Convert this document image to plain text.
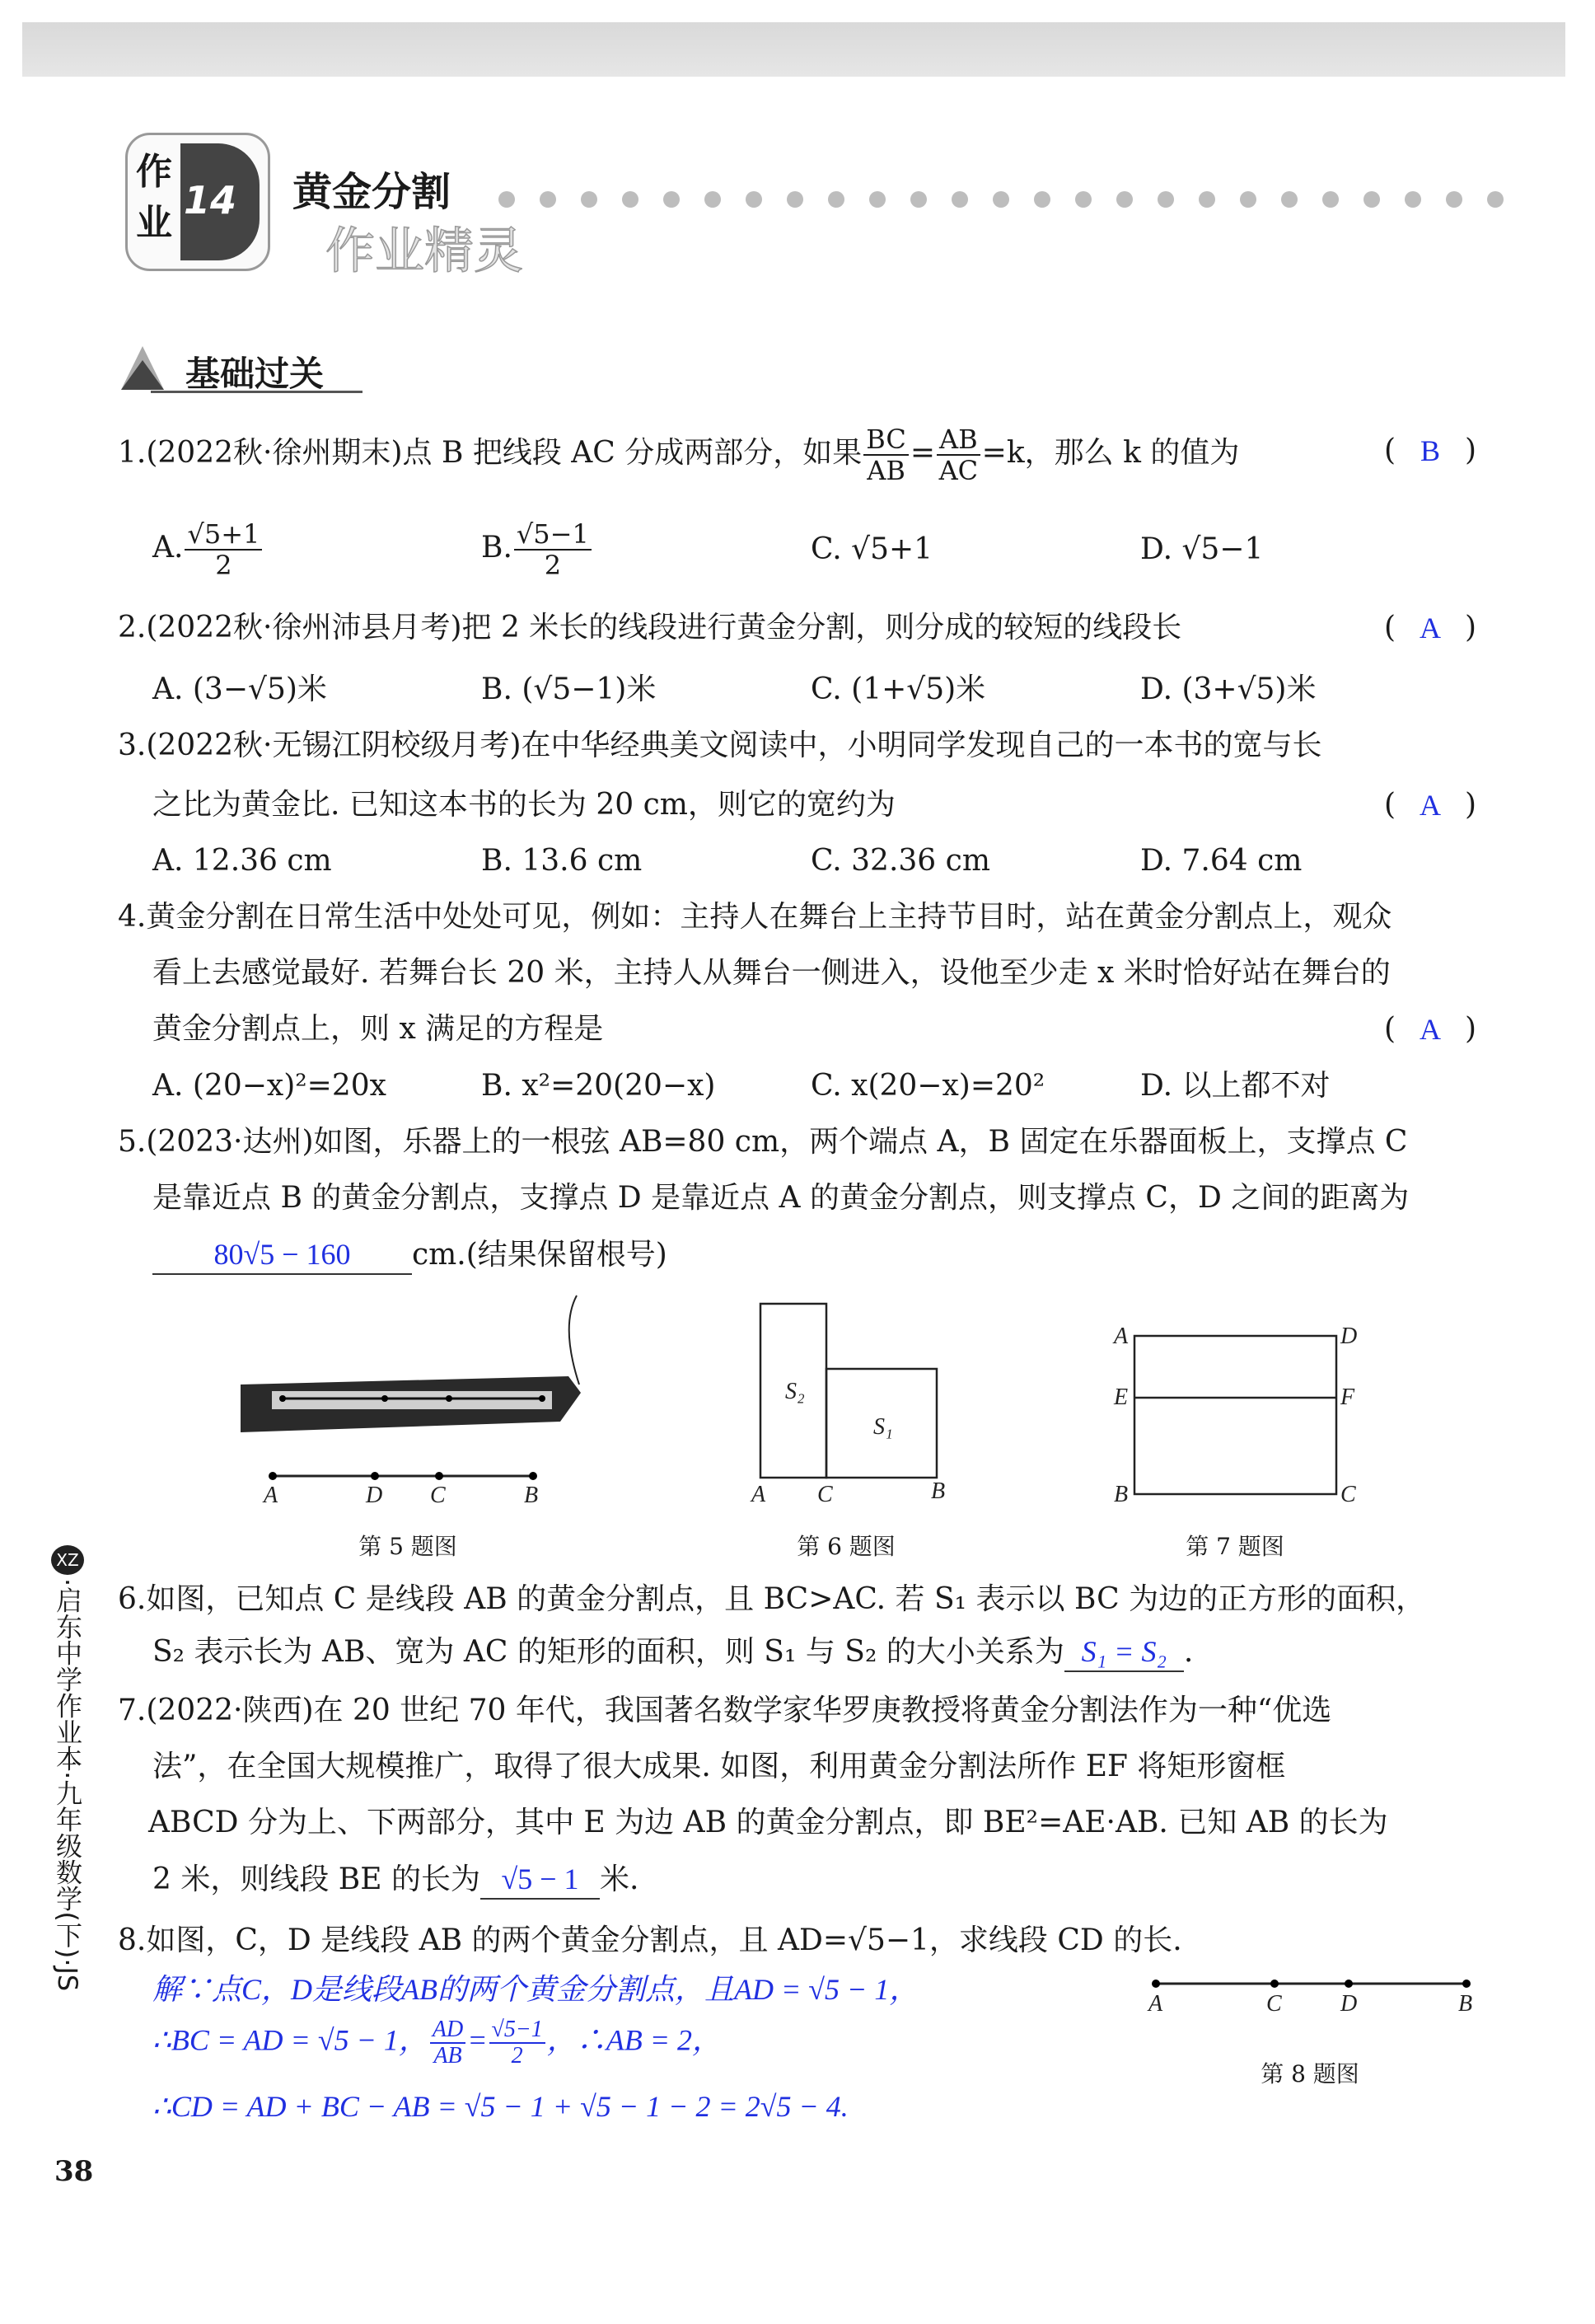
作业
14 黄金分割
作业精灵
基础过关
1.(2022秋·徐州期末)点 B 把线段 AC 分成两部分，如果 $\frac{BC}{AB} = \frac{AB}{AC} =k$，那么 k 的值为	( B )
A. $\frac{√5+1}{2}$	B. $\frac{√5-1}{2}$	C. √5+1	D. √5−1
2.(2022秋·徐州沛县月考)把 2 米长的线段进行黄金分割，则分成的较短的线段长	( A )
A. (3−√5)米	B. (√5−1)米	C. (1+√5)米	D. (3+√5)米
3.(2022秋·无锡江阴校级月考)在中华经典美文阅读中，小明同学发现自己的一本书的宽与长
之比为黄金比. 已知这本书的长为 20 cm，则它的宽约为	( A )
A. 12.36 cm	B. 13.6 cm	C. 32.36 cm	D. 7.64 cm
4.黄金分割在日常生活中处处可见，例如：主持人在舞台上主持节目时，站在黄金分割点上，观众
看上去感觉最好. 若舞台长 20 米，主持人从舞台一侧进入，设他至少走 x 米时恰好站在舞台的
黄金分割点上，则 x 满足的方程是	( A )
A. (20−x)²=20x	B. x²=20(20−x)	C. x(20−x)=20²	D. 以上都不对
5.(2023·达州)如图，乐器上的一根弦 AB=80 cm，两个端点 A，B 固定在乐器面板上，支撑点 C
是靠近点 B 的黄金分割点，支撑点 D 是靠近点 A 的黄金分割点，则支撑点 C，D 之间的距离为
80√5 − 160 cm.(结果保留根号)
A	D C	B
第 5 题图
S₂
S₁
A C	B
第 6 题图
A	D
E	F
B	C
第 7 题图
6.如图，已知点 C 是线段 AB 的黄金分割点，且 BC>AC. 若 S₁ 表示以 BC 为边的正方形的面积，
S₂ 表示长为 AB、宽为 AC 的矩形的面积，则 S₁ 与 S₂ 的大小关系为 S₁ = S₂ .
7.(2022·陕西)在 20 世纪 70 年代，我国著名数学家华罗庚教授将黄金分割法作为一种“优选
法”，在全国大规模推广，取得了很大成果. 如图，利用黄金分割法所作 EF 将矩形窗框
ABCD 分为上、下两部分，其中 E 为边 AB 的黄金分割点，即 BE²=AE·AB. 已知 AB 的长为
2 米，则线段 BE 的长为 √5 − 1 米.
8.如图，C，D 是线段 AB 的两个黄金分割点，且 AD=√5−1，求线段 CD 的长.
解∵点C，D是线段AB的两个黄金分割点，且AD = √5 − 1，
∴BC = AD = √5 − 1， $\frac{AD}{AB} = \frac{√5-1}{2}$ ，∴AB = 2，
∴CD = AD + BC − AB = √5 − 1 + √5 − 1 − 2 = 2√5 − 4.
A	C	D	B
第 8 题图
XZ
·启东中学作业本·九年级数学(下)·JS
38
